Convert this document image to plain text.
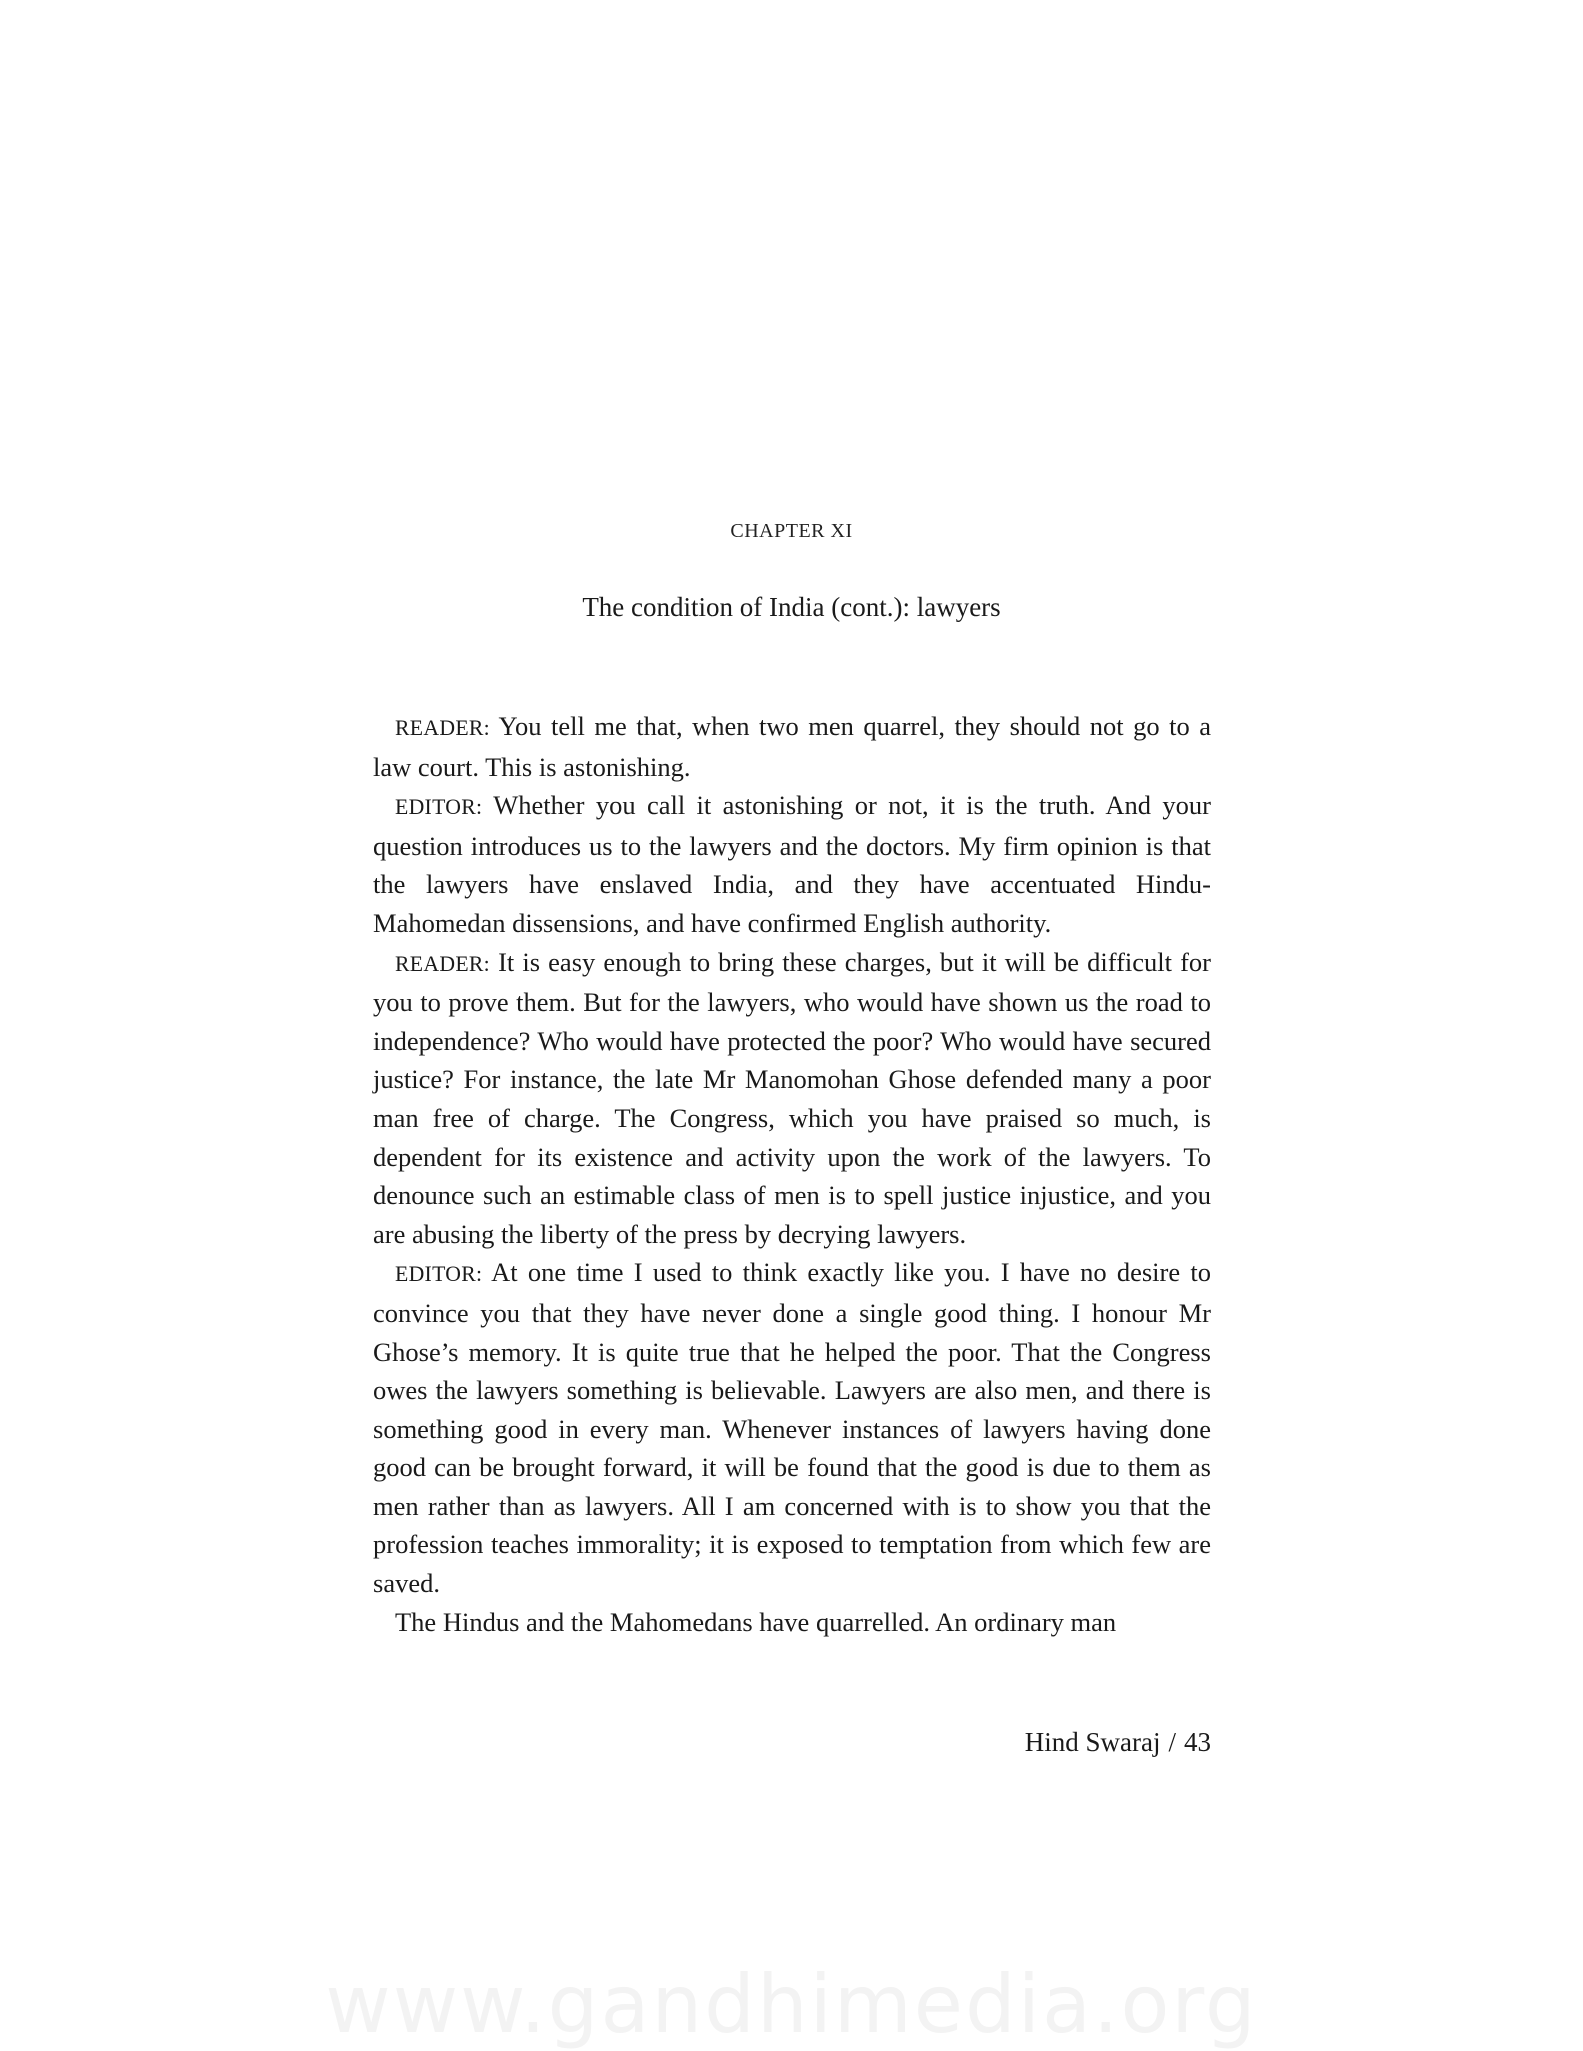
CHAPTER XI
The condition of India (cont.): lawyers

READER: You tell me that, when two men quarrel, they should not go to a law court. This is astonishing.

EDITOR: Whether you call it astonishing or not, it is the truth. And your question introduces us to the lawyers and the doctors. My firm opinion is that the lawyers have enslaved India, and they have accentuated Hindu-Mahomedan dissensions, and have confirmed English authority.

READER: It is easy enough to bring these charges, but it will be difficult for you to prove them. But for the lawyers, who would have shown us the road to independence? Who would have protected the poor? Who would have secured justice? For instance, the late Mr Manomohan Ghose defended many a poor man free of charge. The Congress, which you have praised so much, is dependent for its existence and activity upon the work of the lawyers. To denounce such an estimable class of men is to spell justice injustice, and you are abusing the liberty of the press by decrying lawyers.

EDITOR: At one time I used to think exactly like you. I have no desire to convince you that they have never done a single good thing. I honour Mr Ghose’s memory. It is quite true that he helped the poor. That the Congress owes the lawyers something is believable. Lawyers are also men, and there is something good in every man. Whenever instances of lawyers having done good can be brought forward, it will be found that the good is due to them as men rather than as lawyers. All I am concerned with is to show you that the profession teaches immorality; it is exposed to temptation from which few are saved.

The Hindus and the Mahomedans have quarrelled. An ordinary man

Hind Swaraj / 43
www.gandhimedia.org
